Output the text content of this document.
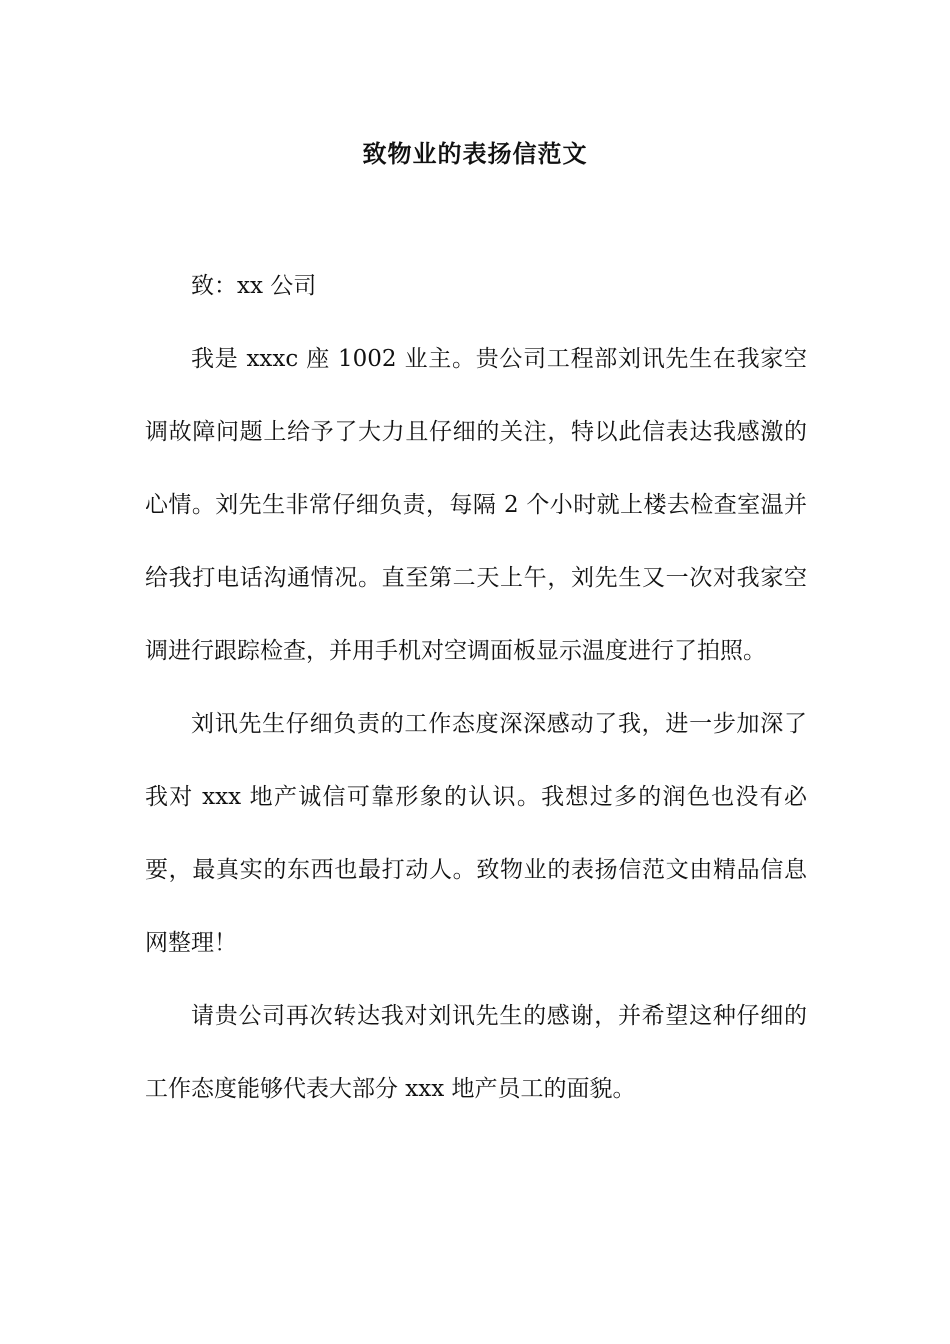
致物业的表扬信范文

致：xx 公司

我是 xxxc 座 1002 业主。贵公司工程部刘讯先生在我家空调故障问题上给予了大力且仔细的关注，特以此信表达我感激的心情。刘先生非常仔细负责，每隔 2 个小时就上楼去检查室温并给我打电话沟通情况。直至第二天上午，刘先生又一次对我家空调进行跟踪检查，并用手机对空调面板显示温度进行了拍照。

刘讯先生仔细负责的工作态度深深感动了我，进一步加深了我对 xxx 地产诚信可靠形象的认识。我想过多的润色也没有必要，最真实的东西也最打动人。致物业的表扬信范文由精品信息网整理！

请贵公司再次转达我对刘讯先生的感谢，并希望这种仔细的工作态度能够代表大部分 xxx 地产员工的面貌。
